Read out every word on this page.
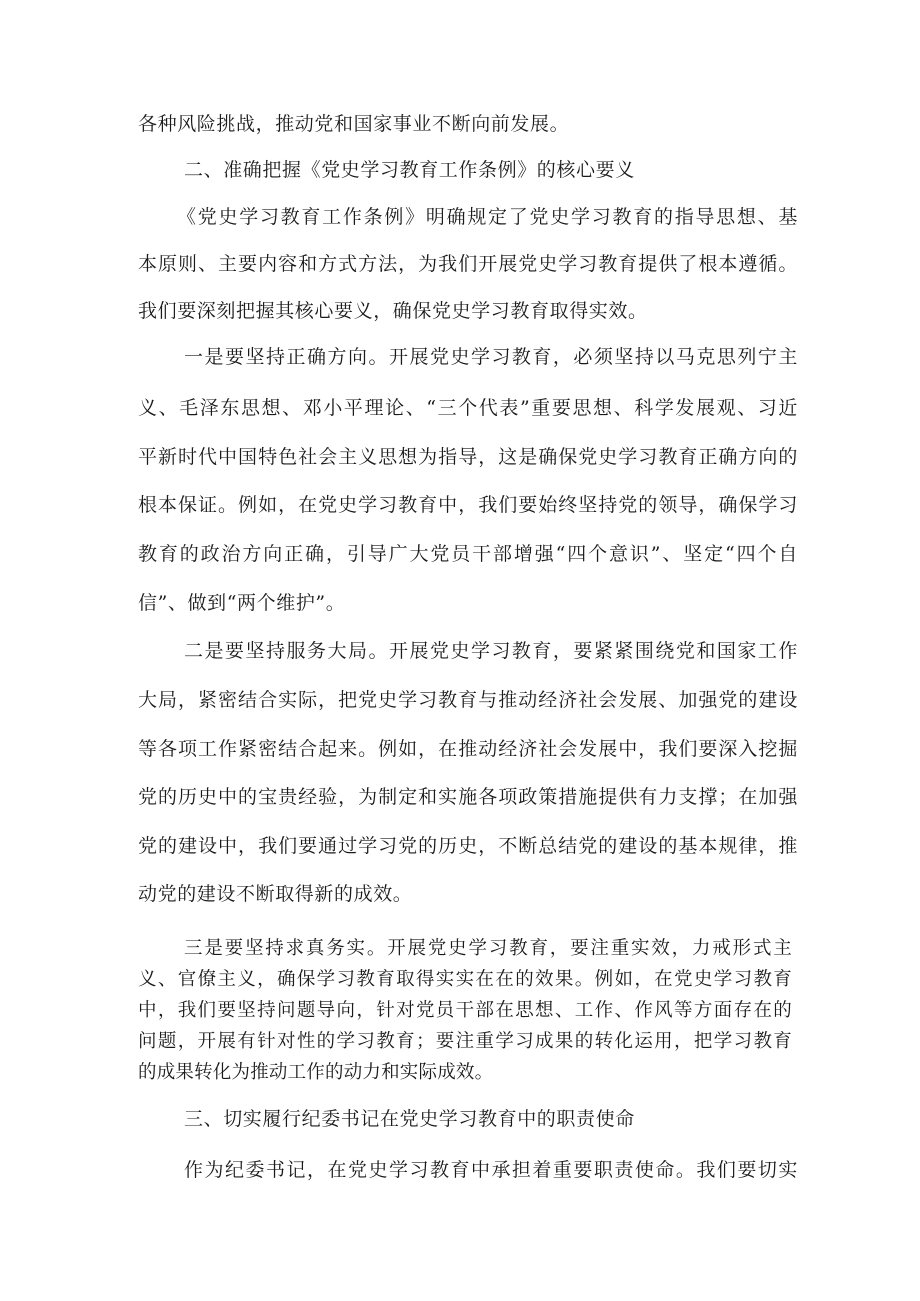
各种风险挑战，推动党和国家事业不断向前发展。
二、准确把握《党史学习教育工作条例》的核心要义
《党史学习教育工作条例》明确规定了党史学习教育的指导思想、基
本原则、主要内容和方式方法，为我们开展党史学习教育提供了根本遵循。
我们要深刻把握其核心要义，确保党史学习教育取得实效。
一是要坚持正确方向。开展党史学习教育，必须坚持以马克思列宁主
义、毛泽东思想、邓小平理论、“三个代表”重要思想、科学发展观、习近
平新时代中国特色社会主义思想为指导，这是确保党史学习教育正确方向的
根本保证。例如，在党史学习教育中，我们要始终坚持党的领导，确保学习
教育的政治方向正确，引导广大党员干部增强“四个意识”、坚定“四个自
信”、做到“两个维护”。
二是要坚持服务大局。开展党史学习教育，要紧紧围绕党和国家工作
大局，紧密结合实际，把党史学习教育与推动经济社会发展、加强党的建设
等各项工作紧密结合起来。例如，在推动经济社会发展中，我们要深入挖掘
党的历史中的宝贵经验，为制定和实施各项政策措施提供有力支撑；在加强
党的建设中，我们要通过学习党的历史，不断总结党的建设的基本规律，推
动党的建设不断取得新的成效。
三是要坚持求真务实。开展党史学习教育，要注重实效，力戒形式主
义、官僚主义，确保学习教育取得实实在在的效果。例如，在党史学习教育
中，我们要坚持问题导向，针对党员干部在思想、工作、作风等方面存在的
问题，开展有针对性的学习教育；要注重学习成果的转化运用，把学习教育
的成果转化为推动工作的动力和实际成效。
三、切实履行纪委书记在党史学习教育中的职责使命
作为纪委书记，在党史学习教育中承担着重要职责使命。我们要切实
